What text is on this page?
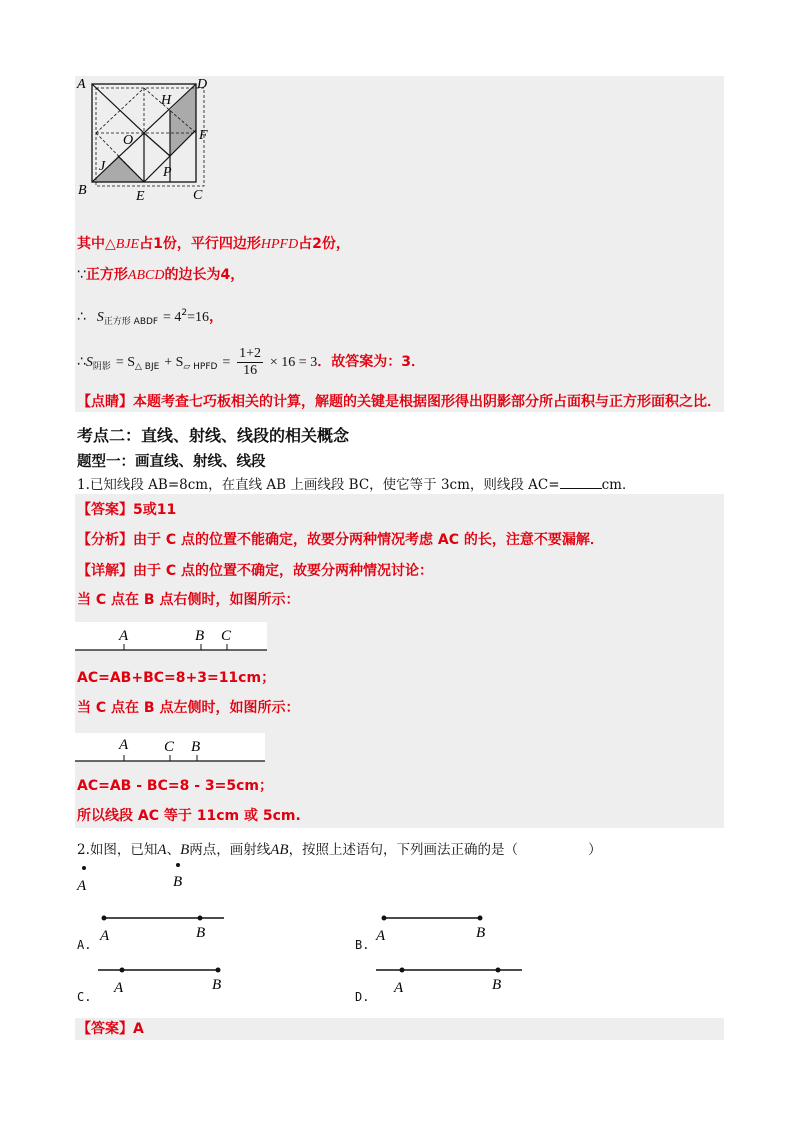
A	D
H
O	F
J	P
B	E	C
其中△BJE占1份，平行四边形HPFD占2份，
∵正方形ABCD的边长为4，
∴ $S_{正方形 ABDF} = 4^2=16$，
$\therefore S_{阴影} = S_{\triangle BJE} + S_{▱ HPFD} = \frac{1+2}{16} \times 16 = 3$．故答案为：3．
【点睛】本题考查七巧板相关的计算，解题的关键是根据图形得出阴影部分所占面积与正方形面积之比．
考点二：直线、射线、线段的相关概念
题型一：画直线、射线、线段
1.已知线段 AB=8cm，在直线 AB 上画线段 BC，使它等于 3cm，则线段 AC=	cm．
【答案】5或11
【分析】由于 C 点的位置不能确定，故要分两种情况考虑 AC 的长，注意不要漏解．
【详解】由于 C 点的位置不确定，故要分两种情况讨论：
当 C 点在 B 点右侧时，如图所示：
A	B C
AC=AB+BC=8+3=11cm；
当 C 点在 B 点左侧时，如图所示：
A C B
AC=AB - BC=8 - 3=5cm；
所以线段 AC 等于 11cm 或 5cm.
2.如图，已知A、B两点，画射线AB，按照上述语句，下列画法正确的是（	）
A	B
A	B
A.
A	B
B.
A	B
C.
A	B
D.
【答案】A
